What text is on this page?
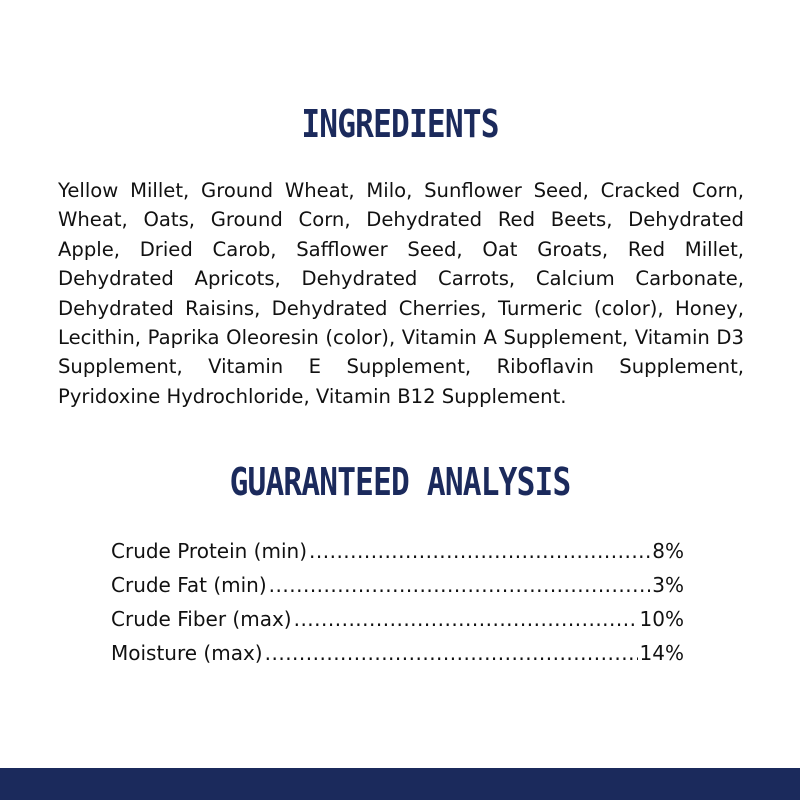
INGREDIENTS

Yellow Millet, Ground Wheat, Milo, Sunflower Seed, Cracked Corn, Wheat, Oats, Ground Corn, Dehydrated Red Beets, Dehydrated Apple, Dried Carob, Safflower Seed, Oat Groats, Red Millet, Dehydrated Apricots, Dehydrated Carrots, Calcium Carbonate, Dehydrated Raisins, Dehydrated Cherries, Turmeric (color), Honey, Lecithin, Paprika Oleoresin (color), Vitamin A Supplement, Vitamin D3 Supplement, Vitamin E Supplement, Riboflavin Supplement, Pyridoxine Hydrochloride, Vitamin B12 Supplement.

GUARANTEED ANALYSIS
Crude Protein (min) .....	8%
Crude Fat (min) .....	3%
Crude Fiber (max) .....	10%
Moisture (max) .....	14%
